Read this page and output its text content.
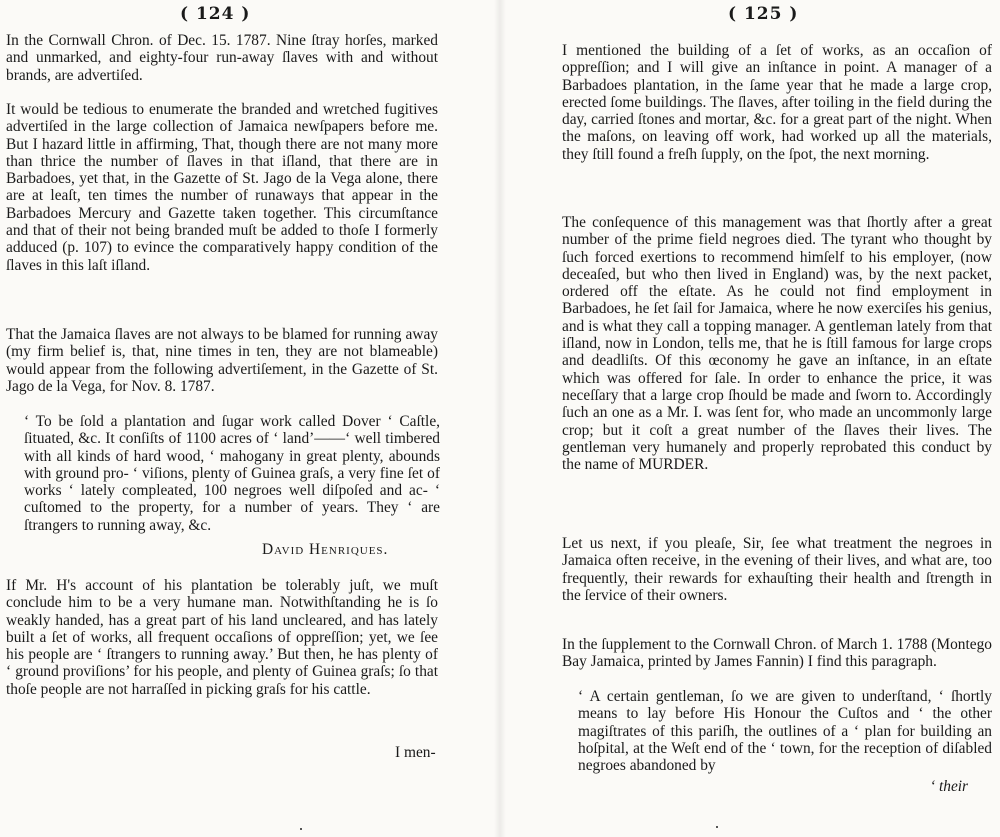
( 124 )

In the Cornwall Chron. of Dec. 15. 1787. Nine ſtray horſes, marked and unmarked, and eighty-four run-away ſlaves with and without brands, are advertiſed.

It would be tedious to enumerate the branded and wretched fugitives advertiſed in the large collection of Jamaica newſpapers before me. But I hazard little in affirming, That, though there are not many more than thrice the number of ſlaves in that iſland, that there are in Barbadoes, yet that, in the Gazette of St. Jago de la Vega alone, there are at leaſt, ten times the number of runaways that appear in the Barbadoes Mercury and Gazette taken together. This circumſtance and that of their not being branded muſt be added to thoſe I formerly adduced (p. 107) to evince the comparatively happy condition of the ſlaves in this laſt iſland.

That the Jamaica ſlaves are not always to be blamed for running away (my firm belief is, that, nine times in ten, they are not blameable) would appear from the following advertiſement, in the Gazette of St. Jago de la Vega, for Nov. 8. 1787.

‘ To be ſold a plantation and ſugar work called Dover ‘ Caſtle, ſituated, &c. It conſiſts of 1100 acres of ‘ land’——‘ well timbered with all kinds of hard wood, ‘ mahogany in great plenty, abounds with ground pro- ‘ viſions, plenty of Guinea graſs, a very fine ſet of works ‘ lately compleated, 100 negroes well diſpoſed and ac- ‘ cuſtomed to the property, for a number of years. They ‘ are ſtrangers to running away, &c.

David Henriques.

If Mr. H's account of his plantation be tolerably juſt, we muſt conclude him to be a very humane man. Notwithſtanding he is ſo weakly handed, has a great part of his land uncleared, and has lately built a ſet of works, all frequent occaſions of oppreſſion; yet, we ſee his people are ‘ ſtrangers to running away.’ But then, he has plenty of ‘ ground proviſions’ for his people, and plenty of Guinea graſs; ſo that thoſe people are not harraſſed in picking graſs for his cattle.

I men-
( 125 )

I mentioned the building of a ſet of works, as an occaſion of oppreſſion; and I will give an inſtance in point. A manager of a Barbadoes plantation, in the ſame year that he made a large crop, erected ſome buildings. The ſlaves, after toiling in the field during the day, carried ſtones and mortar, &c. for a great part of the night. When the maſons, on leaving off work, had worked up all the materials, they ſtill found a freſh ſupply, on the ſpot, the next morning.

The conſequence of this management was that ſhortly after a great number of the prime field negroes died. The tyrant who thought by ſuch forced exertions to recommend himſelf to his employer, (now deceaſed, but who then lived in England) was, by the next packet, ordered off the eſtate. As he could not find employment in Barbadoes, he ſet ſail for Jamaica, where he now exerciſes his genius, and is what they call a topping manager. A gentleman lately from that iſland, now in London, tells me, that he is ſtill famous for large crops and deadliſts. Of this œconomy he gave an inſtance, in an eſtate which was offered for ſale. In order to enhance the price, it was neceſſary that a large crop ſhould be made and ſworn to. Accordingly ſuch an one as a Mr. I. was ſent for, who made an uncommonly large crop; but it coſt a great number of the ſlaves their lives. The gentleman very humanely and properly reprobated this conduct by the name of MURDER.

Let us next, if you pleaſe, Sir, ſee what treatment the negroes in Jamaica often receive, in the evening of their lives, and what are, too frequently, their rewards for exhauſting their health and ſtrength in the ſervice of their owners.

In the ſupplement to the Cornwall Chron. of March 1. 1788 (Montego Bay Jamaica, printed by James Fannin) I find this paragraph.

‘ A certain gentleman, ſo we are given to underſtand, ‘ ſhortly means to lay before His Honour the Cuſtos and ‘ the other magiſtrates of this pariſh, the outlines of a ‘ plan for building an hoſpital, at the Weſt end of the ‘ town, for the reception of diſabled negroes abandoned by

‘ their
